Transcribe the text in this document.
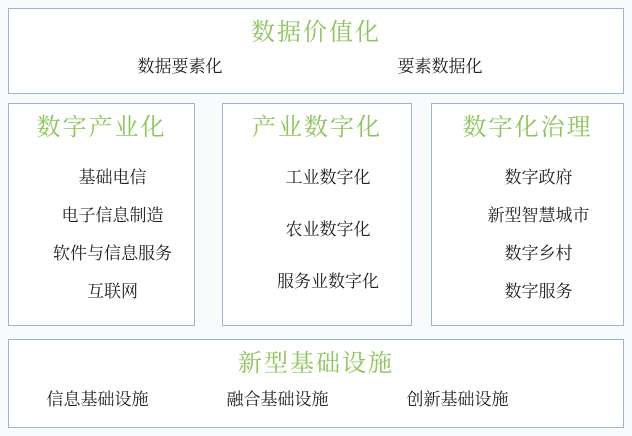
数据价值化
数据要素化	要素数据化
数字产业化
基础电信
电子信息制造
软件与信息服务
互联网
产业数字化
工业数字化
农业数字化
服务业数字化
数字化治理
数字政府
新型智慧城市
数字乡村
数字服务
新型基础设施
信息基础设施	融合基础设施	创新基础设施
